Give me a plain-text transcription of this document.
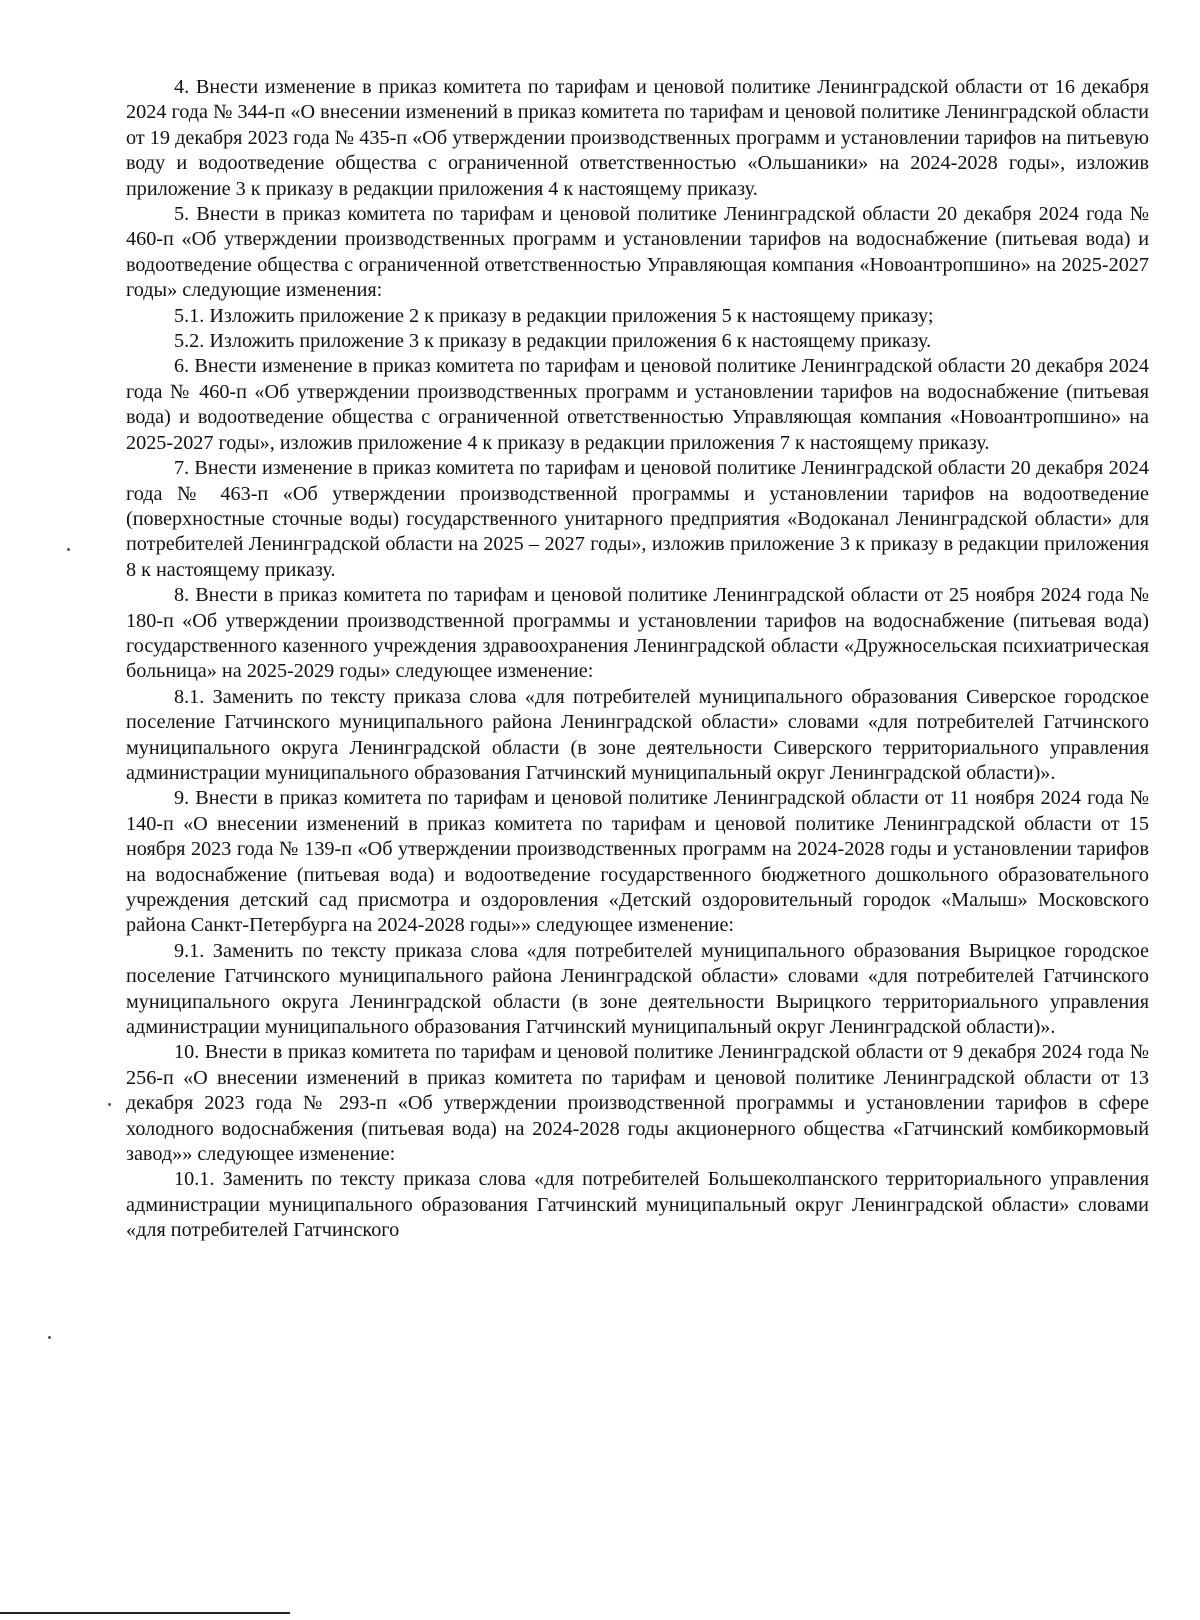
4. Внести изменение в приказ комитета по тарифам и ценовой политике Ленинградской области от 16 декабря 2024 года № 344-п «О внесении изменений в приказ комитета по тарифам и ценовой политике Ленинградской области от 19 декабря 2023 года № 435-п «Об утверждении производственных программ и установлении тарифов на питьевую воду и водоотведение общества с ограниченной ответственностью «Ольшаники» на 2024-2028 годы», изложив приложение 3 к приказу в редакции приложения 4 к настоящему приказу.

5. Внести в приказ комитета по тарифам и ценовой политике Ленинградской области 20 декабря 2024 года № 460-п «Об утверждении производственных программ и установлении тарифов на водоснабжение (питьевая вода) и водоотведение общества с ограниченной ответственностью Управляющая компания «Новоантропшино» на 2025-2027 годы» следующие изменения:

5.1. Изложить приложение 2 к приказу в редакции приложения 5 к настоящему приказу;

5.2. Изложить приложение 3 к приказу в редакции приложения 6 к настоящему приказу.

6. Внести изменение в приказ комитета по тарифам и ценовой политике Ленинградской области 20 декабря 2024 года № 460-п «Об утверждении производственных программ и установлении тарифов на водоснабжение (питьевая вода) и водоотведение общества с ограниченной ответственностью Управляющая компания «Новоантропшино» на 2025-2027 годы», изложив приложение 4 к приказу в редакции приложения 7 к настоящему приказу.

7. Внести изменение в приказ комитета по тарифам и ценовой политике Ленинградской области 20 декабря 2024 года № 463-п «Об утверждении производственной программы и установлении тарифов на водоотведение (поверхностные сточные воды) государственного унитарного предприятия «Водоканал Ленинградской области» для потребителей Ленинградской области на 2025 – 2027 годы», изложив приложение 3 к приказу в редакции приложения 8 к настоящему приказу.

8. Внести в приказ комитета по тарифам и ценовой политике Ленинградской области от 25 ноября 2024 года № 180-п «Об утверждении производственной программы и установлении тарифов на водоснабжение (питьевая вода) государственного казенного учреждения здравоохранения Ленинградской области «Дружносельская психиатрическая больница» на 2025-2029 годы» следующее изменение:

8.1. Заменить по тексту приказа слова «для потребителей муниципального образования Сиверское городское поселение Гатчинского муниципального района Ленинградской области» словами «для потребителей Гатчинского муниципального округа Ленинградской области (в зоне деятельности Сиверского территориального управления администрации муниципального образования Гатчинский муниципальный округ Ленинградской области)».

9. Внести в приказ комитета по тарифам и ценовой политике Ленинградской области от 11 ноября 2024 года № 140-п «О внесении изменений в приказ комитета по тарифам и ценовой политике Ленинградской области от 15 ноября 2023 года № 139-п «Об утверждении производственных программ на 2024-2028 годы и установлении тарифов на водоснабжение (питьевая вода) и водоотведение государственного бюджетного дошкольного образовательного учреждения детский сад присмотра и оздоровления «Детский оздоровительный городок «Малыш» Московского района Санкт-Петербурга на 2024-2028 годы»» следующее изменение:

9.1. Заменить по тексту приказа слова «для потребителей муниципального образования Вырицкое городское поселение Гатчинского муниципального района Ленинградской области» словами «для потребителей Гатчинского муниципального округа Ленинградской области (в зоне деятельности Вырицкого территориального управления администрации муниципального образования Гатчинский муниципальный округ Ленинградской области)».

10. Внести в приказ комитета по тарифам и ценовой политике Ленинградской области от 9 декабря 2024 года № 256-п «О внесении изменений в приказ комитета по тарифам и ценовой политике Ленинградской области от 13 декабря 2023 года № 293-п «Об утверждении производственной программы и установлении тарифов в сфере холодного водоснабжения (питьевая вода) на 2024-2028 годы акционерного общества «Гатчинский комбикормовый завод»» следующее изменение:

10.1. Заменить по тексту приказа слова «для потребителей Большеколпанского территориального управления администрации муниципального образования Гатчинский муниципальный округ Ленинградской области» словами «для потребителей Гатчинского
